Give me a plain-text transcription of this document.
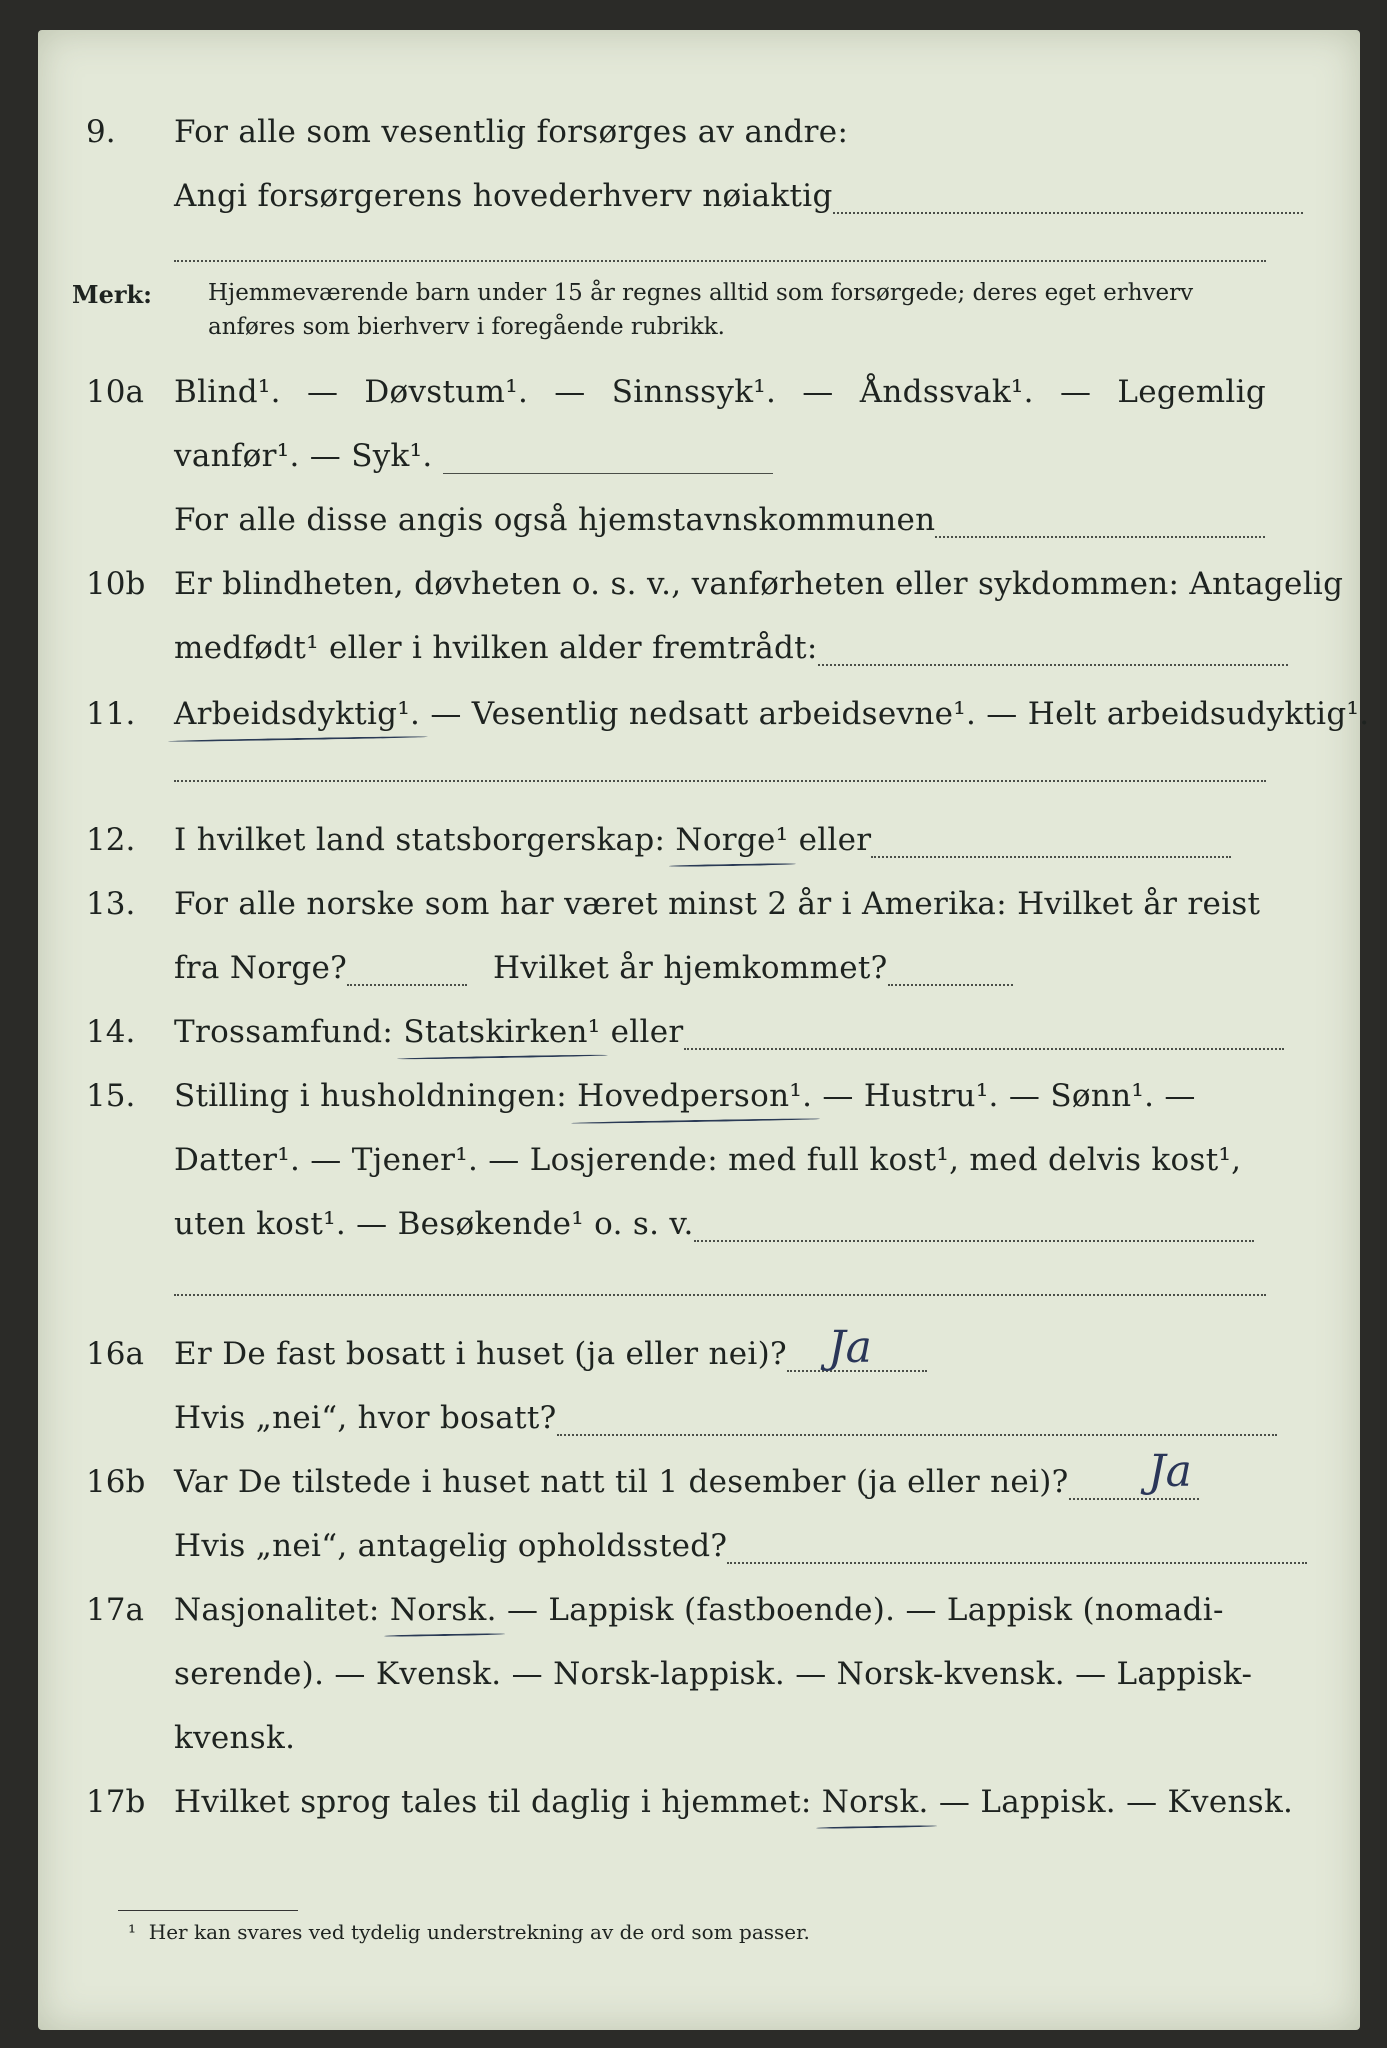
9. For alle som vesentlig forsørges av andre:
Angi forsørgerens hovederhverv nøiaktig
Merk: Hjemmeværende barn under 15 år regnes alltid som forsørgede; deres eget erhverv
anføres som bierhverv i foregående rubrikk.
10a Blind¹. — Døvstum¹. — Sinnssyk¹. — Åndssvak¹. — Legemlig
vanfør¹. — Syk¹.
For alle disse angis også hjemstavnskommunen
10b Er blindheten, døvheten o. s. v., vanførheten eller sykdommen: Antagelig
medfødt¹ eller i hvilken alder fremtrådt:
11. Arbeidsdyktig¹. — Vesentlig nedsatt arbeidsevne¹. — Helt arbeidsudyktig¹.
12. I hvilket land statsborgerskap: Norge¹ eller
13. For alle norske som har været minst 2 år i Amerika: Hvilket år reist
fra Norge?	Hvilket år hjemkommet?
14. Trossamfund: Statskirken¹ eller
15. Stilling i husholdningen: Hovedperson¹. — Hustru¹. — Sønn¹. —
Datter¹. — Tjener¹. — Losjerende: med full kost¹, med delvis kost¹,
uten kost¹. — Besøkende¹ o. s. v.
16a Er De fast bosatt i huset (ja eller nei)? Ja
Hvis „nei“, hvor bosatt?
16b Var De tilstede i huset natt til 1 desember (ja eller nei)?	Ja
Hvis „nei“, antagelig opholdssted?
17a Nasjonalitet: Norsk. — Lappisk (fastboende). — Lappisk (nomadi-
serende). — Kvensk. — Norsk-lappisk. — Norsk-kvensk. — Lappisk-
kvensk.
17b Hvilket sprog tales til daglig i hjemmet: Norsk. — Lappisk. — Kvensk.
¹ Her kan svares ved tydelig understrekning av de ord som passer.
